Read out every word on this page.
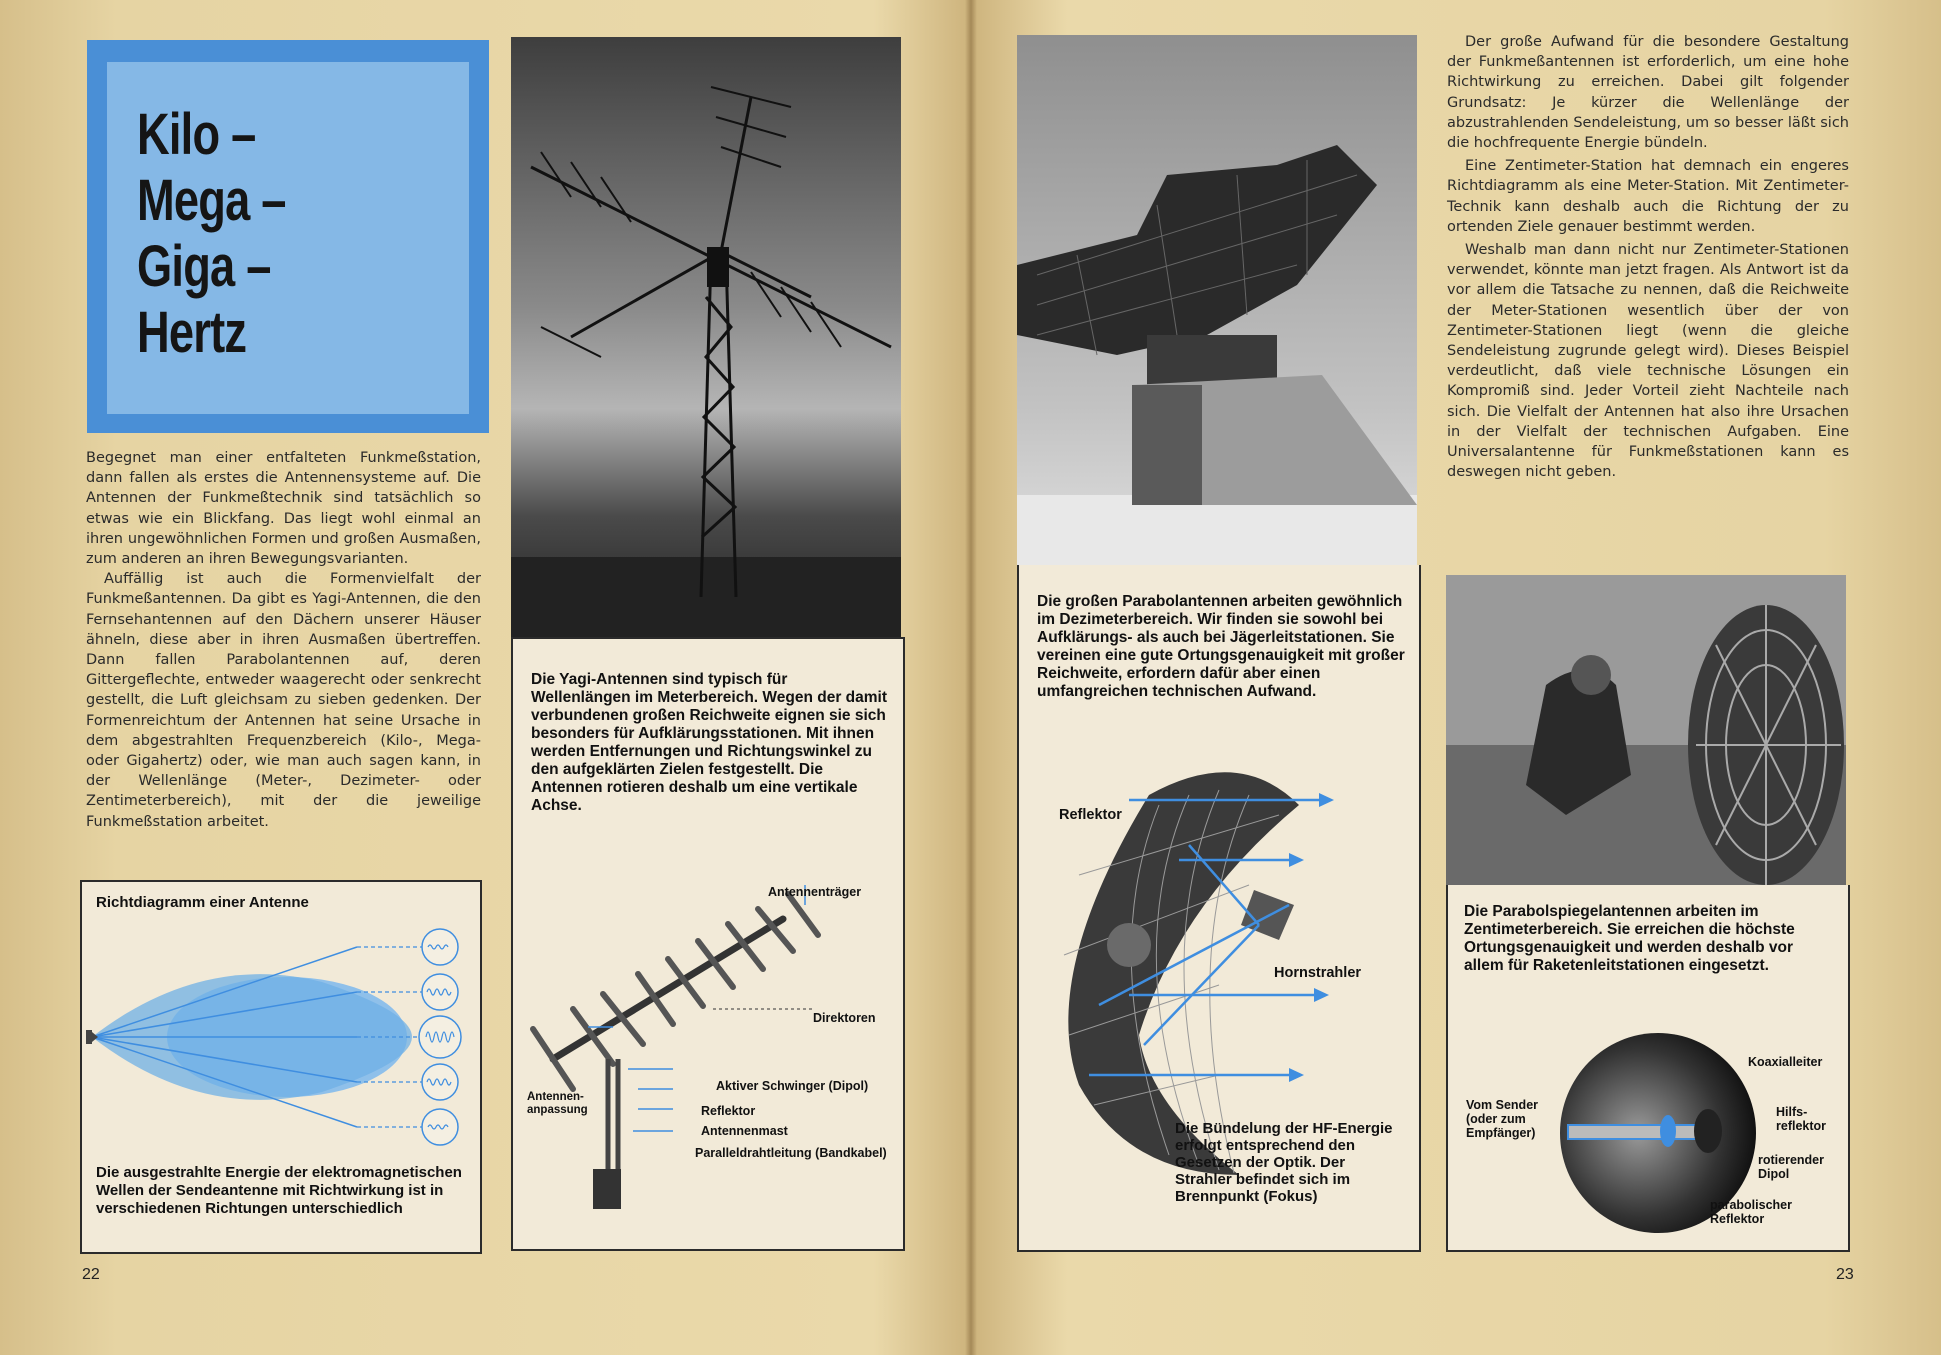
Kilo –
Mega –
Giga –
Hertz

Begegnet man einer entfalteten Funkmeßstation, dann fallen als erstes die Antennensysteme auf. Die Antennen der Funkmeßtechnik sind tatsächlich so etwas wie ein Blickfang. Das liegt wohl einmal an ihren ungewöhnlichen Formen und großen Ausmaßen, zum anderen an ihren Bewegungsvarianten.

Auffällig ist auch die Formenvielfalt der Funkmeßantennen. Da gibt es Yagi-Antennen, die den Fernsehantennen auf den Dächern unserer Häuser ähneln, diese aber in ihren Ausmaßen übertreffen. Dann fallen Parabolantennen auf, deren Gittergeflechte, entweder waagerecht oder senkrecht gestellt, die Luft gleichsam zu sieben gedenken. Der Formenreichtum der Antennen hat seine Ursache in dem abgestrahlten Frequenzbereich (Kilo-, Mega- oder Gigahertz) oder, wie man auch sagen kann, in der Wellenlänge (Meter-, Dezimeter- oder Zentimeterbereich), mit der die jeweilige Funkmeßstation arbeitet.

Richtdiagramm einer Antenne
Die ausgestrahlte Energie der elektromagnetischen Wellen der Sendeantenne mit Richtwirkung ist in verschiedenen Richtungen unterschiedlich
Die Yagi-Antennen sind typisch für Wellenlängen im Meterbereich. Wegen der damit verbundenen großen Reichweite eignen sie sich besonders für Aufklärungsstationen. Mit ihnen werden Entfernungen und Richtungswinkel zu den aufgeklärten Zielen festgestellt. Die Antennen rotieren deshalb um eine vertikale Achse.
Antennenträger
Direktoren
Aktiver Schwinger (Dipol)
Antennen-
anpassung	Reflektor
Antennenmast
Paralleldrahtleitung (Bandkabel)
22
Die großen Parabolantennen arbeiten gewöhnlich im Dezimeterbereich. Wir finden sie sowohl bei Aufklärungs- als auch bei Jägerleitstationen. Sie vereinen eine gute Ortungsgenauigkeit mit großer Reichweite, erfordern dafür aber einen umfangreichen technischen Aufwand.
Reflektor
Hornstrahler
Die Bündelung der HF-Energie erfolgt entsprechend den Gesetzen der Optik. Der Strahler befindet sich im Brennpunkt (Fokus)

Der große Aufwand für die besondere Gestaltung der Funkmeßantennen ist erforderlich, um eine hohe Richtwirkung zu erreichen. Dabei gilt folgender Grundsatz: Je kürzer die Wellenlänge der abzustrahlenden Sendeleistung, um so besser läßt sich die hochfrequente Energie bündeln.

Eine Zentimeter-Station hat demnach ein engeres Richtdiagramm als eine Meter-Station. Mit Zentimeter-Technik kann deshalb auch die Richtung der zu ortenden Ziele genauer bestimmt werden.

Weshalb man dann nicht nur Zentimeter-Stationen verwendet, könnte man jetzt fragen. Als Antwort ist da vor allem die Tatsache zu nennen, daß die Reichweite der Meter-Stationen wesentlich über der von Zentimeter-Stationen liegt (wenn die gleiche Sendeleistung zugrunde gelegt wird). Dieses Beispiel verdeutlicht, daß viele technische Lösungen ein Kompromiß sind. Jeder Vorteil zieht Nachteile nach sich. Die Vielfalt der Antennen hat also ihre Ursachen in der Vielfalt der technischen Aufgaben. Eine Universalantenne für Funkmeßstationen kann es deswegen nicht geben.

Die Parabolspiegelantennen arbeiten im Zentimeterbereich. Sie erreichen die höchste Ortungsgenauigkeit und werden deshalb vor allem für Raketenleitstationen eingesetzt.
Koaxialleiter
Vom Sender
(oder zum
Empfänger)
Hilfs-
reflektor
rotierender
Dipol
parabolischer
Reflektor
23
